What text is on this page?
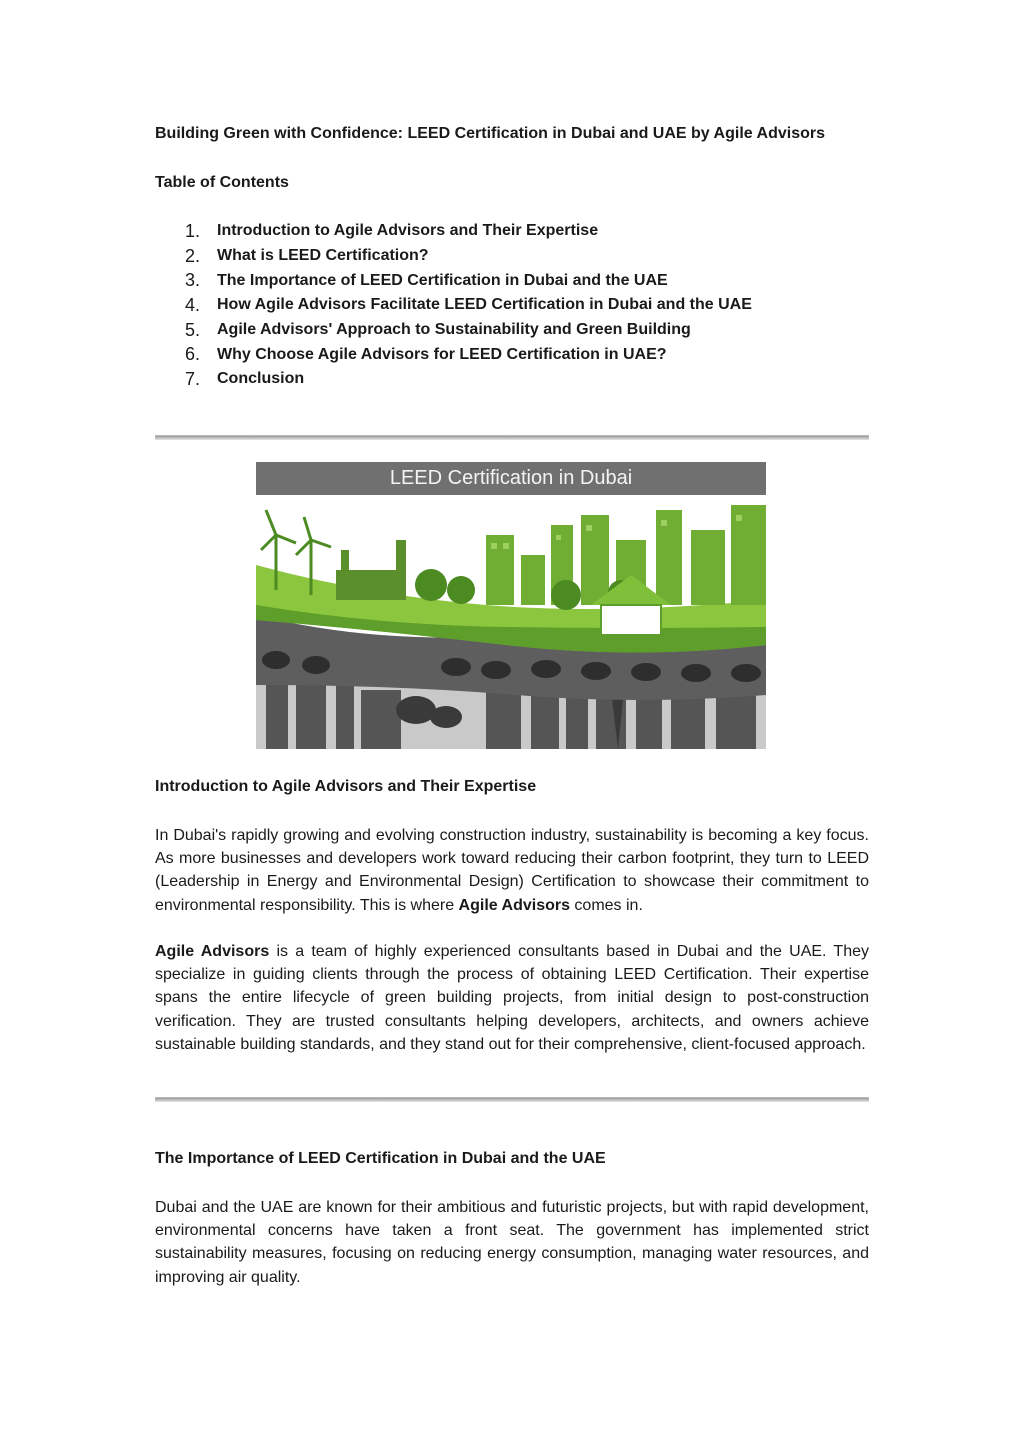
Building Green with Confidence: LEED Certification in Dubai and UAE by Agile Advisors
Table of Contents
1.	Introduction to Agile Advisors and Their Expertise
2.	What is LEED Certification?
3.	The Importance of LEED Certification in Dubai and the UAE
4.	How Agile Advisors Facilitate LEED Certification in Dubai and the UAE
5.	Agile Advisors' Approach to Sustainability and Green Building
6.	Why Choose Agile Advisors for LEED Certification in UAE?
7.	Conclusion
LEED Certification in Dubai
Introduction to Agile Advisors and Their Expertise

In Dubai's rapidly growing and evolving construction industry, sustainability is becoming a key focus. As more businesses and developers work toward reducing their carbon footprint, they turn to LEED (Leadership in Energy and Environmental Design) Certification to showcase their commitment to environmental responsibility. This is where Agile Advisors comes in.

Agile Advisors is a team of highly experienced consultants based in Dubai and the UAE. They specialize in guiding clients through the process of obtaining LEED Certification. Their expertise spans the entire lifecycle of green building projects, from initial design to post-construction verification. They are trusted consultants helping developers, architects, and owners achieve sustainable building standards, and they stand out for their comprehensive, client-focused approach.

The Importance of LEED Certification in Dubai and the UAE

Dubai and the UAE are known for their ambitious and futuristic projects, but with rapid development, environmental concerns have taken a front seat. The government has implemented strict sustainability measures, focusing on reducing energy consumption, managing water resources, and improving air quality.
